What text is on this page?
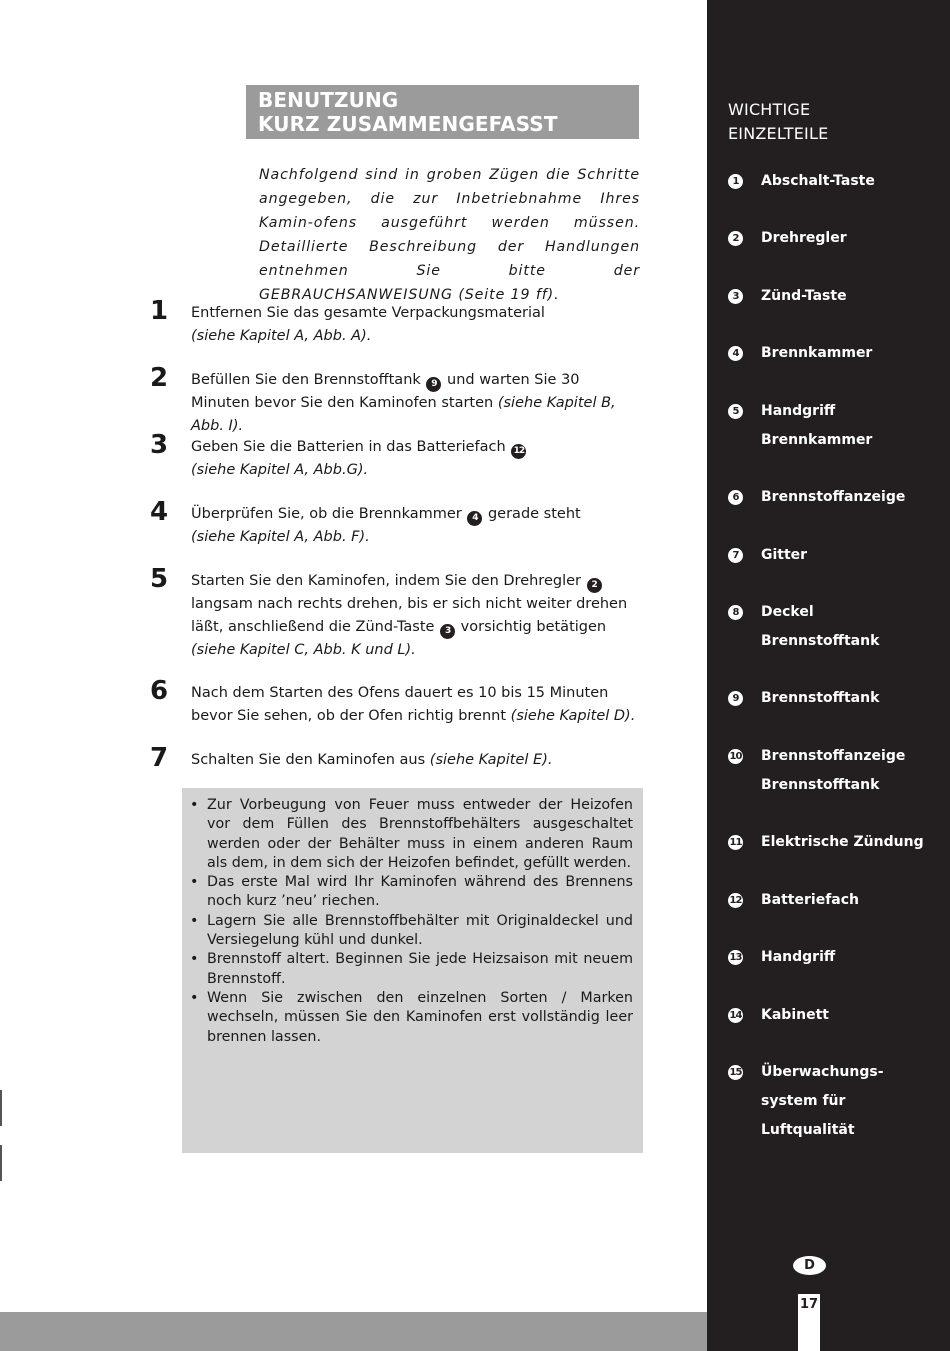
BENUTZUNG
KURZ ZUSAMMENGEFASST

Nachfolgend sind in groben Zügen die Schritte angegeben, die zur Inbetriebnahme Ihres Kamin-ofens ausgeführt werden müssen. Detaillierte Beschreibung der Handlungen entnehmen Sie bitte der GEBRAUCHSANWEISUNG (Seite 19 ff).

1 Entfernen Sie das gesamte Verpackungsmaterial
(siehe Kapitel A, Abb. A).
2 Befüllen Sie den Brennstofftank 9 und warten Sie 30 Minuten bevor Sie den Kaminofen starten (siehe Kapitel B, Abb. I).
3 Geben Sie die Batterien in das Batteriefach 12
(siehe Kapitel A, Abb.G).
4 Überprüfen Sie, ob die Brennkammer 4 gerade steht
(siehe Kapitel A, Abb. F).
5 Starten Sie den Kaminofen, indem Sie den Drehregler 2 langsam nach rechts drehen, bis er sich nicht weiter drehen läßt, anschließend die Zünd-Taste 3 vorsichtig betätigen (siehe Kapitel C, Abb. K und L).
6 Nach dem Starten des Ofens dauert es 10 bis 15 Minuten bevor Sie sehen, ob der Ofen richtig brennt (siehe Kapitel D).
7 Schalten Sie den Kaminofen aus (siehe Kapitel E).
• Zur Vorbeugung von Feuer muss entweder der Heizofen vor dem Füllen des Brennstoffbehälters ausgeschaltet werden oder der Behälter muss in einem anderen Raum als dem, in dem sich der Heizofen befindet, gefüllt werden.
• Das erste Mal wird Ihr Kaminofen während des Brennens noch kurz ’neu’ riechen.
• Lagern Sie alle Brennstoffbehälter mit Originaldeckel und Versiegelung kühl und dunkel.
• Brennstoff altert. Beginnen Sie jede Heizsaison mit neuem Brennstoff.
• Wenn Sie zwischen den einzelnen Sorten / Marken wechseln, müssen Sie den Kaminofen erst vollständig leer brennen lassen.
WICHTIGE
EINZELTEILE
1	Abschalt-Taste
2	Drehregler
3	Zünd-Taste
4	Brennkammer
5	Handgriff
Brennkammer
6	Brennstoffanzeige
7	Gitter
8	Deckel
Brennstofftank
9	Brennstofftank
10 Brennstoffanzeige
Brennstofftank
11 Elektrische Zündung
12 Batteriefach
13 Handgriff
14 Kabinett
15 Überwachungs-
system für
Luftqualität
D
17
